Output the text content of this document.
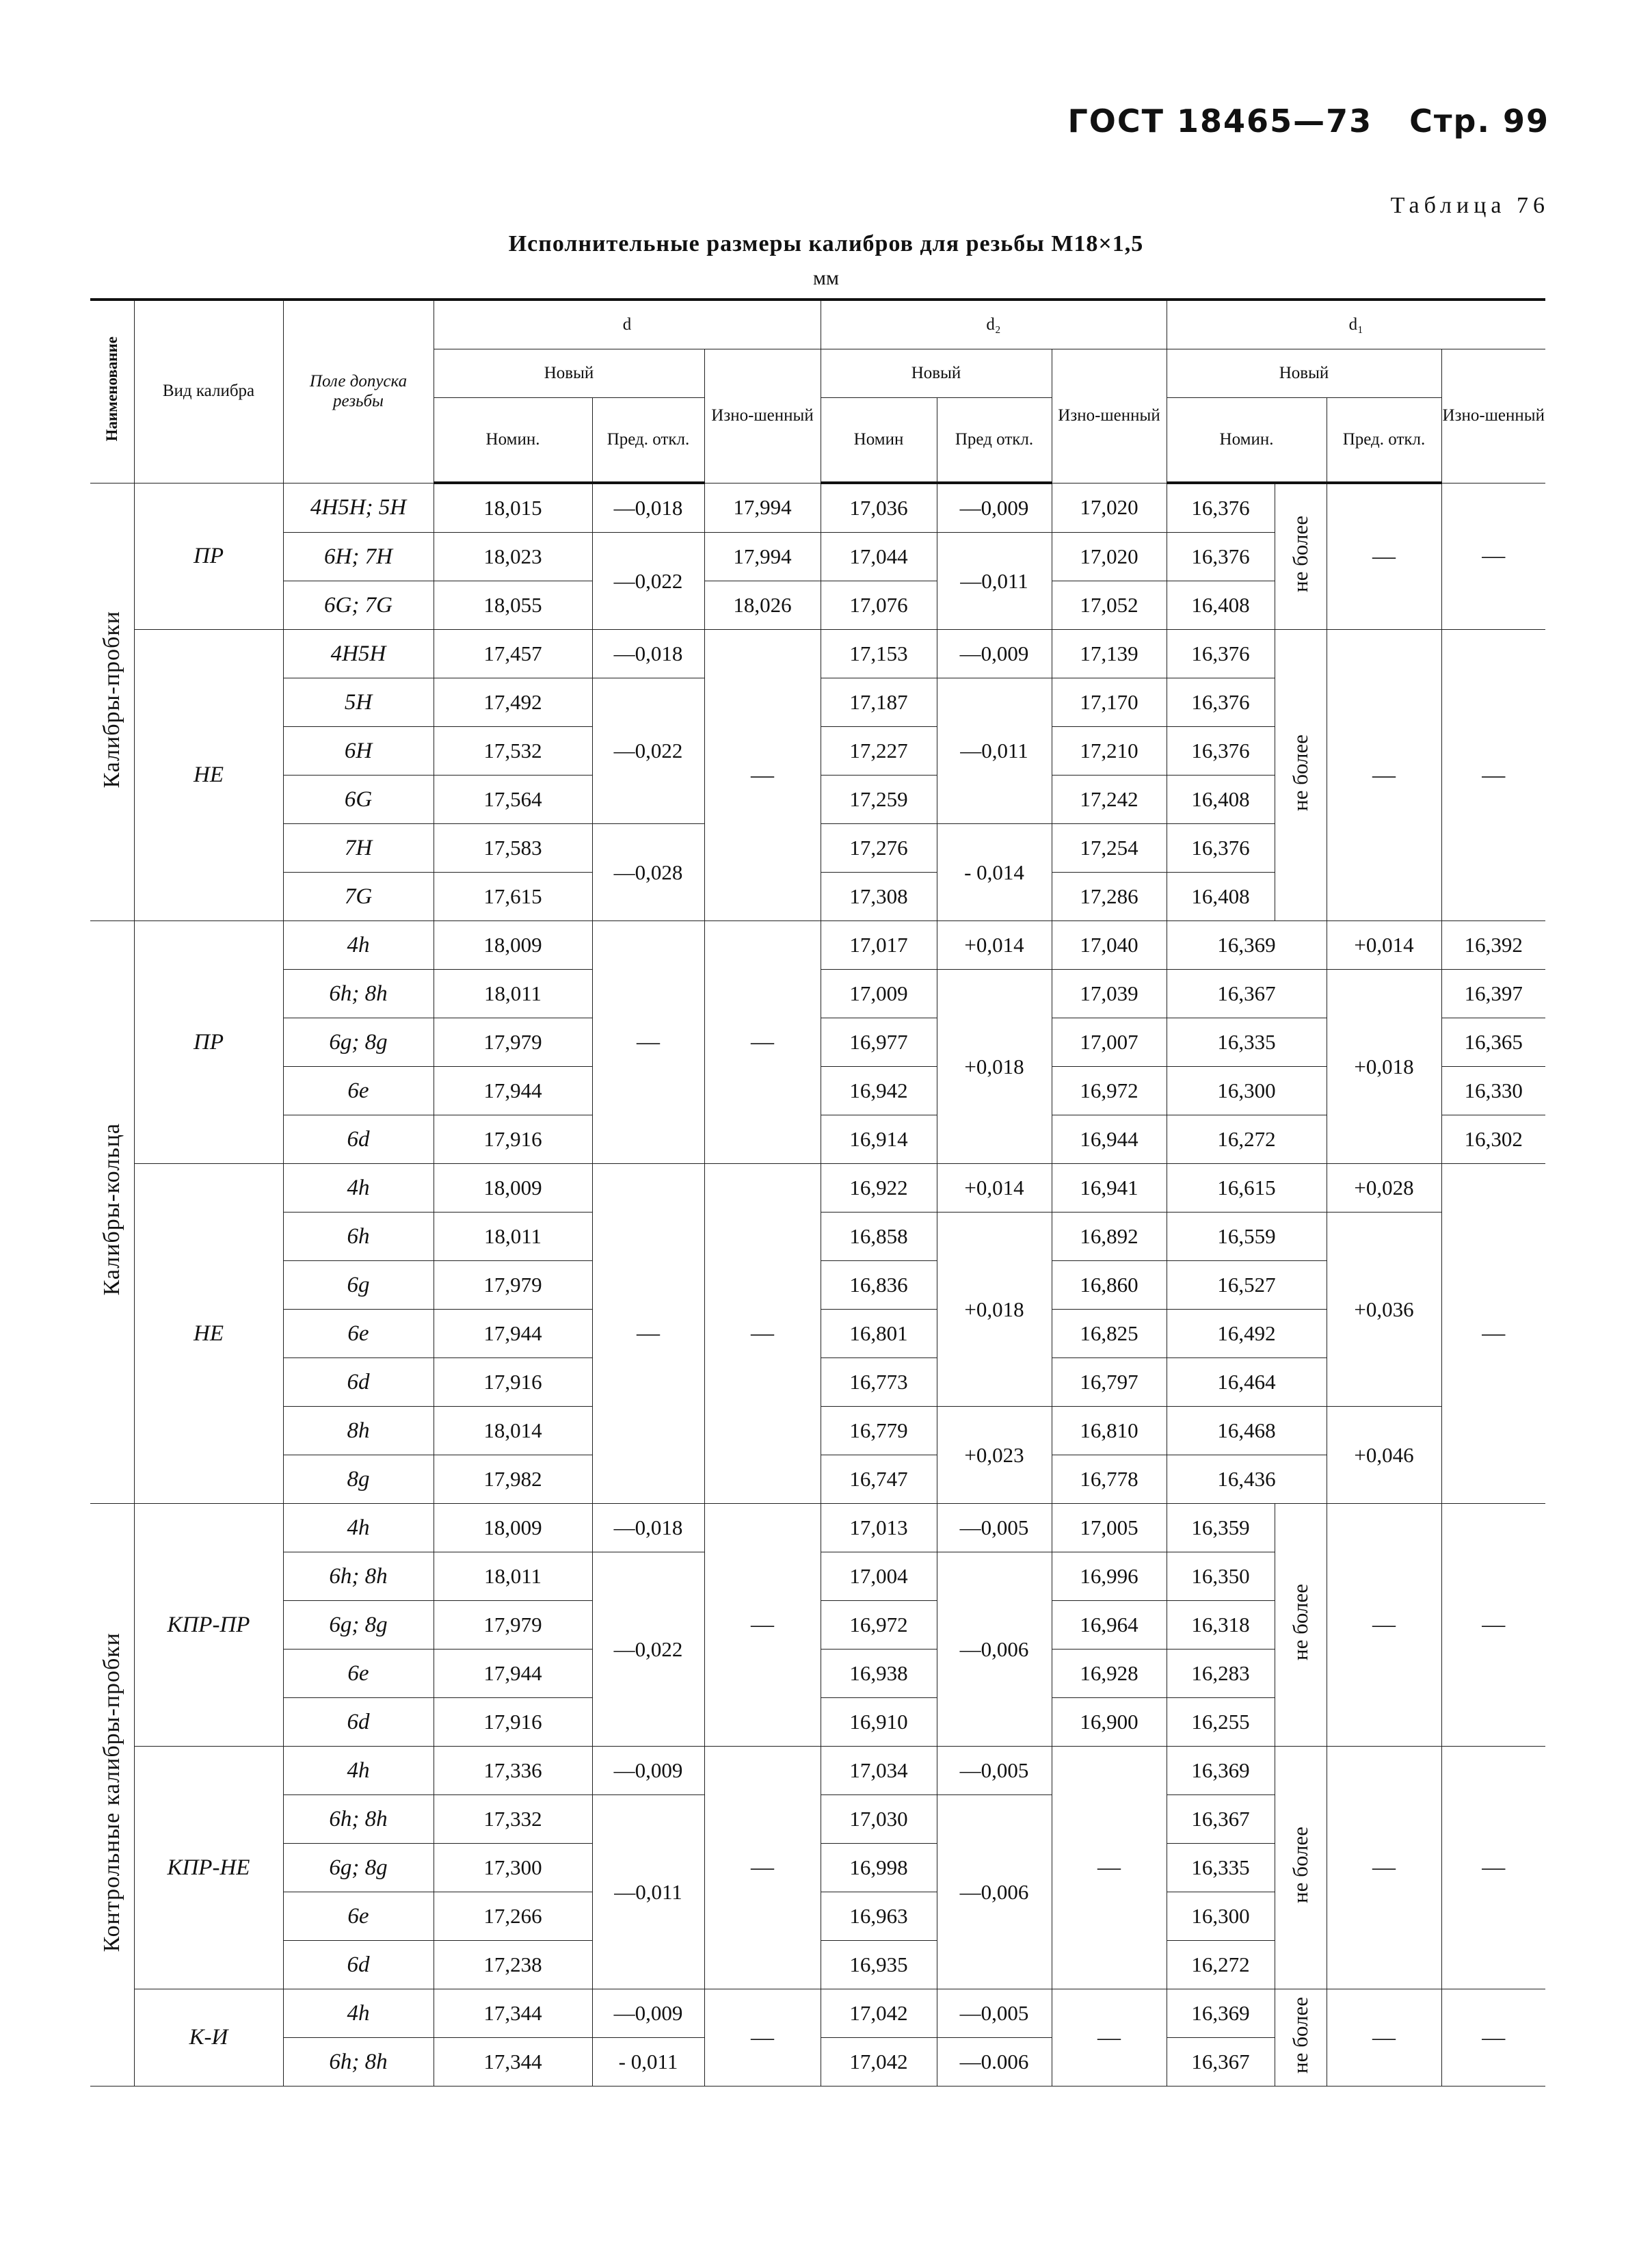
ГОСТ 18465—73 Стр. 99
Таблица 76
Исполнительные размеры калибров для резьбы M18×1,5
мм
Наименование	Вид калибра	Поле допуска резьбы	d			d₂			d₁			
			Новый		Изно-шенный	Новый		Изно-шенный	Новый			Изно-шенный
			Номин.	Пред. откл.		Номин	Пред откл.		Номин.		Пред. откл.	
Калибры-пробки	ПР	4H5H; 5H	18,015	—0,018	17,994	17,036	—0,009	17,020	16,376	не более	—	—
		6H; 7H	18,023	—0,022	17,994	17,044	—0,011	17,020	16,376			
		6G; 7G	18,055		18,026	17,076		17,052	16,408			
	НЕ	4H5H	17,457	—0,018	—	17,153	—0,009	17,139	16,376	не более	—	—
		5H	17,492	—0,022		17,187	—0,011	17,170	16,376			
		6H	17,532			17,227		17,210	16,376			
		6G	17,564			17,259		17,242	16,408			
		7H	17,583	—0,028		17,276	- 0,014	17,254	16,376			
		7G	17,615			17,308		17,286	16,408			
Калибры-кольца	ПР	4h	18,009	—	—	17,017	+0,014	17,040	16,369		+0,014	16,392
		6h; 8h	18,011			17,009	+0,018	17,039	16,367		+0,018	16,397
		6g; 8g	17,979			16,977		17,007	16,335			16,365
		6e	17,944			16,942		16,972	16,300			16,330
		6d	17,916			16,914		16,944	16,272			16,302
	НЕ	4h	18,009	—	—	16,922	+0,014	16,941	16,615		+0,028	—
		6h	18,011			16,858	+0,018	16,892	16,559		+0,036	
		6g	17,979			16,836		16,860	16,527			
		6e	17,944			16,801		16,825	16,492			
		6d	17,916			16,773		16,797	16,464			
		8h	18,014			16,779	+0,023	16,810	16,468		+0,046	
		8g	17,982			16,747		16,778	16,436			
Контрольные калибры-пробки	КПР-ПР	4h	18,009	—0,018	—	17,013	—0,005	17,005	16,359	не более	—	—
		6h; 8h	18,011	—0,022		17,004	—0,006	16,996	16,350			
		6g; 8g	17,979			16,972		16,964	16,318			
		6e	17,944			16,938		16,928	16,283			
		6d	17,916			16,910		16,900	16,255			
	КПР-НЕ	4h	17,336	—0,009	—	17,034	—0,005	—	16,369	не более	—	—
		6h; 8h	17,332	—0,011		17,030	—0,006		16,367			
		6g; 8g	17,300			16,998			16,335			
		6e	17,266			16,963			16,300			
		6d	17,238			16,935			16,272			
	К-И	4h	17,344	—0,009	—	17,042	—0,005	—	16,369	не более	—	—
		6h; 8h	17,344	- 0,011		17,042	—0.006		16,367			
